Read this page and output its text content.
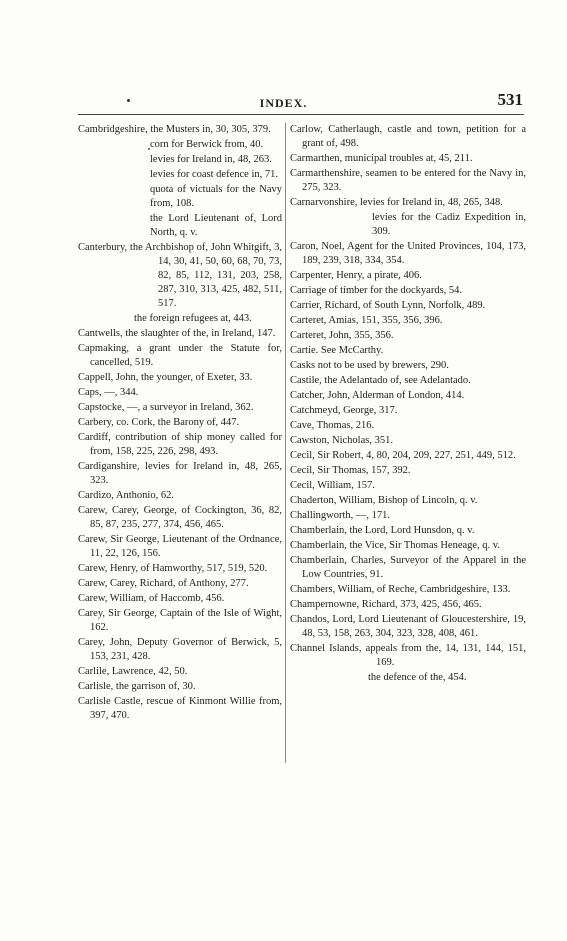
INDEX.	531
Cambridgeshire, the Musters in, 30, 305, 379.
corn for Berwick from, 40.
levies for Ireland in, 48, 263.
levies for coast defence in, 71.
quota of victuals for the Navy from, 108.
the Lord Lieutenant of, Lord North, q. v.
Canterbury, the Archbishop of, John Whitgift, 3, 14, 30, 41, 50, 60, 68, 70, 73, 82, 85, 112, 131, 203, 258, 287, 310, 313, 425, 482, 511, 517.
the foreign refugees at, 443.
Cantwells, the slaughter of the, in Ireland, 147.
Capmaking, a grant under the Statute for, cancelled, 519.
Cappell, John, the younger, of Exeter, 33.
Caps, —, 344.
Capstocke, —, a surveyor in Ireland, 362.
Carbery, co. Cork, the Barony of, 447.
Cardiff, contribution of ship money called for from, 158, 225, 226, 298, 493.
Cardiganshire, levies for Ireland in, 48, 265, 323.
Cardizo, Anthonio, 62.
Carew, Carey, George, of Cockington, 36, 82, 85, 87, 235, 277, 374, 456, 465.
Carew, Sir George, Lieutenant of the Ordnance, 11, 22, 126, 156.
Carew, Henry, of Hamworthy, 517, 519, 520.
Carew, Carey, Richard, of Anthony, 277.
Carew, William, of Haccomb, 456.
Carey, Sir George, Captain of the Isle of Wight, 162.
Carey, John, Deputy Governor of Berwick, 5, 153, 231, 428.
Carlile, Lawrence, 42, 50.
Carlisle, the garrison of, 30.
Carlisle Castle, rescue of Kinmont Willie from, 397, 470.
Carlow, Catherlaugh, castle and town, petition for a grant of, 498.
Carmarthen, municipal troubles at, 45, 211.
Carmarthenshire, seamen to be entered for the Navy in, 275, 323.
Carnarvonshire, levies for Ireland in, 48, 265, 348.
levies for the Cadiz Expedition in, 309.
Caron, Noel, Agent for the United Provinces, 104, 173, 189, 239, 318, 334, 354.
Carpenter, Henry, a pirate, 406.
Carriage of timber for the dockyards, 54.
Carrier, Richard, of South Lynn, Norfolk, 489.
Carteret, Amias, 151, 355, 356, 396.
Carteret, John, 355, 356.
Cartie. See McCarthy.
Casks not to be used by brewers, 290.
Castile, the Adelantado of, see Adelantado.
Catcher, John, Alderman of London, 414.
Catchmeyd, George, 317.
Cave, Thomas, 216.
Cawston, Nicholas, 351.
Cecil, Sir Robert, 4, 80, 204, 209, 227, 251, 449, 512.
Cecil, Sir Thomas, 157, 392.
Cecil, William, 157.
Chaderton, William, Bishop of Lincoln, q. v.
Challingworth, —, 171.
Chamberlain, the Lord, Lord Hunsdon, q. v.
Chamberlain, the Vice, Sir Thomas Heneage, q. v.
Chamberlain, Charles, Surveyor of the Apparel in the Low Countries, 91.
Chambers, William, of Reche, Cambridgeshire, 133.
Champernowne, Richard, 373, 425, 456, 465.
Chandos, Lord, Lord Lieutenant of Gloucestershire, 19, 48, 53, 158, 263, 304, 323, 328, 408, 461.
Channel Islands, appeals from the, 14, 131, 144, 151, 169.
the defence of the, 454.
